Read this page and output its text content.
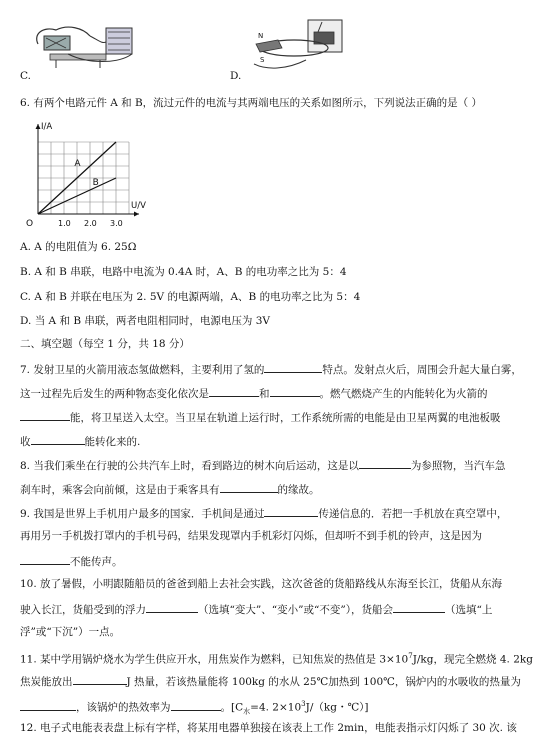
C.
N
S
D.
6. 有两个电路元件 A 和 B，流过元件的电流与其两端电压的关系如图所示，下列说法正确的是（ ）
I/A
U/V
O	1.0 2.0 3.0
A
B
A. A 的电阻值为 6. 25Ω
B. A 和 B 串联，电路中电流为 0.4A 时，A、B 的电功率之比为 5：4
C. A 和 B 并联在电压为 2. 5V 的电源两端，A、B 的电功率之比为 5：4
D. 当 A 和 B 串联，两者电阻相同时，电源电压为 3V
二、填空题（每空 1 分，共 18 分）
7. 发射卫星的火箭用液态氢做燃料，主要利用了氢的	特点。发射点火后，周围会升起大量白雾，
这一过程先后发生的两种物态变化依次是	和	。燃气燃烧产生的内能转化为火箭的
能，将卫星送入太空。当卫星在轨道上运行时，工作系统所需的电能是由卫星两翼的电池板吸
收	能转化来的.
8. 当我们乘坐在行驶的公共汽车上时，看到路边的树木向后运动，这是以	为参照物，当汽车急
刹车时，乘客会向前倾，这是由于乘客具有	的缘故。
9. 我国是世界上手机用户最多的国家．手机间是通过	传递信息的．若把一手机放在真空罩中，
再用另一手机拨打罩内的手机号码，结果发现罩内手机彩灯闪烁，但却听不到手机的铃声，这是因为
不能传声。
10. 放了暑假，小明跟随船员的爸爸到船上去社会实践，这次爸爸的货船路线从东海至长江，货船从东海
驶入长江，货船受到的浮力	（选填“变大”、“变小”或“不变”），货船会	（选填“上
浮”或“下沉”）一点。
11. 某中学用锅炉烧水为学生供应开水，用焦炭作为燃料，已知焦炭的热值是 $3\times 10^7J/kg$，现完全燃烧 4. 2kg
焦炭能放出	J 热量，若该热量能将 100kg 的水从 25℃加热到 100℃，锅炉内的水吸收的热量为
，该锅炉的热效率为	。[$C_水=4$. $2\times 10^3J/(kg$・℃）]
12. 电子式电能表表盘上标有字样，将某用电器单独接在该表上工作 2min，电能表指示灯闪烁了 30 次. 该
